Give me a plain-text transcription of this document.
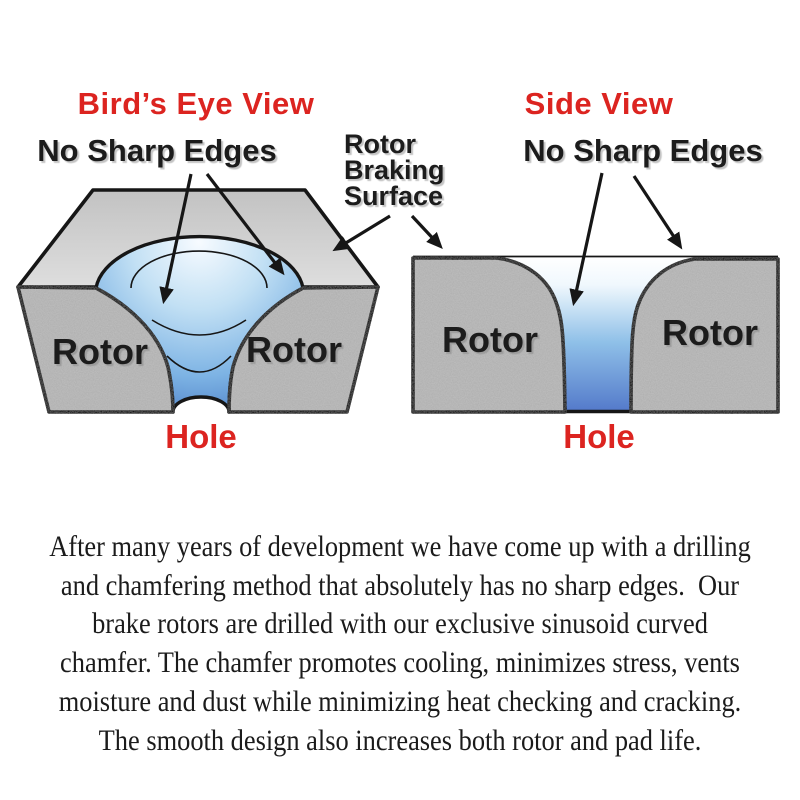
Bird’s Eye View	Side View
No Sharp Edges	No Sharp Edges
Rotor
Braking
Surface
Rotor	Rotor	Rotor	Rotor
Hole	Hole
After many years of development we have come up with a drilling
and chamfering method that absolutely has no sharp edges.  Our
brake rotors are drilled with our exclusive sinusoid curved
chamfer. The chamfer promotes cooling, minimizes stress, vents
moisture and dust while minimizing heat checking and cracking.
The smooth design also increases both rotor and pad life.
